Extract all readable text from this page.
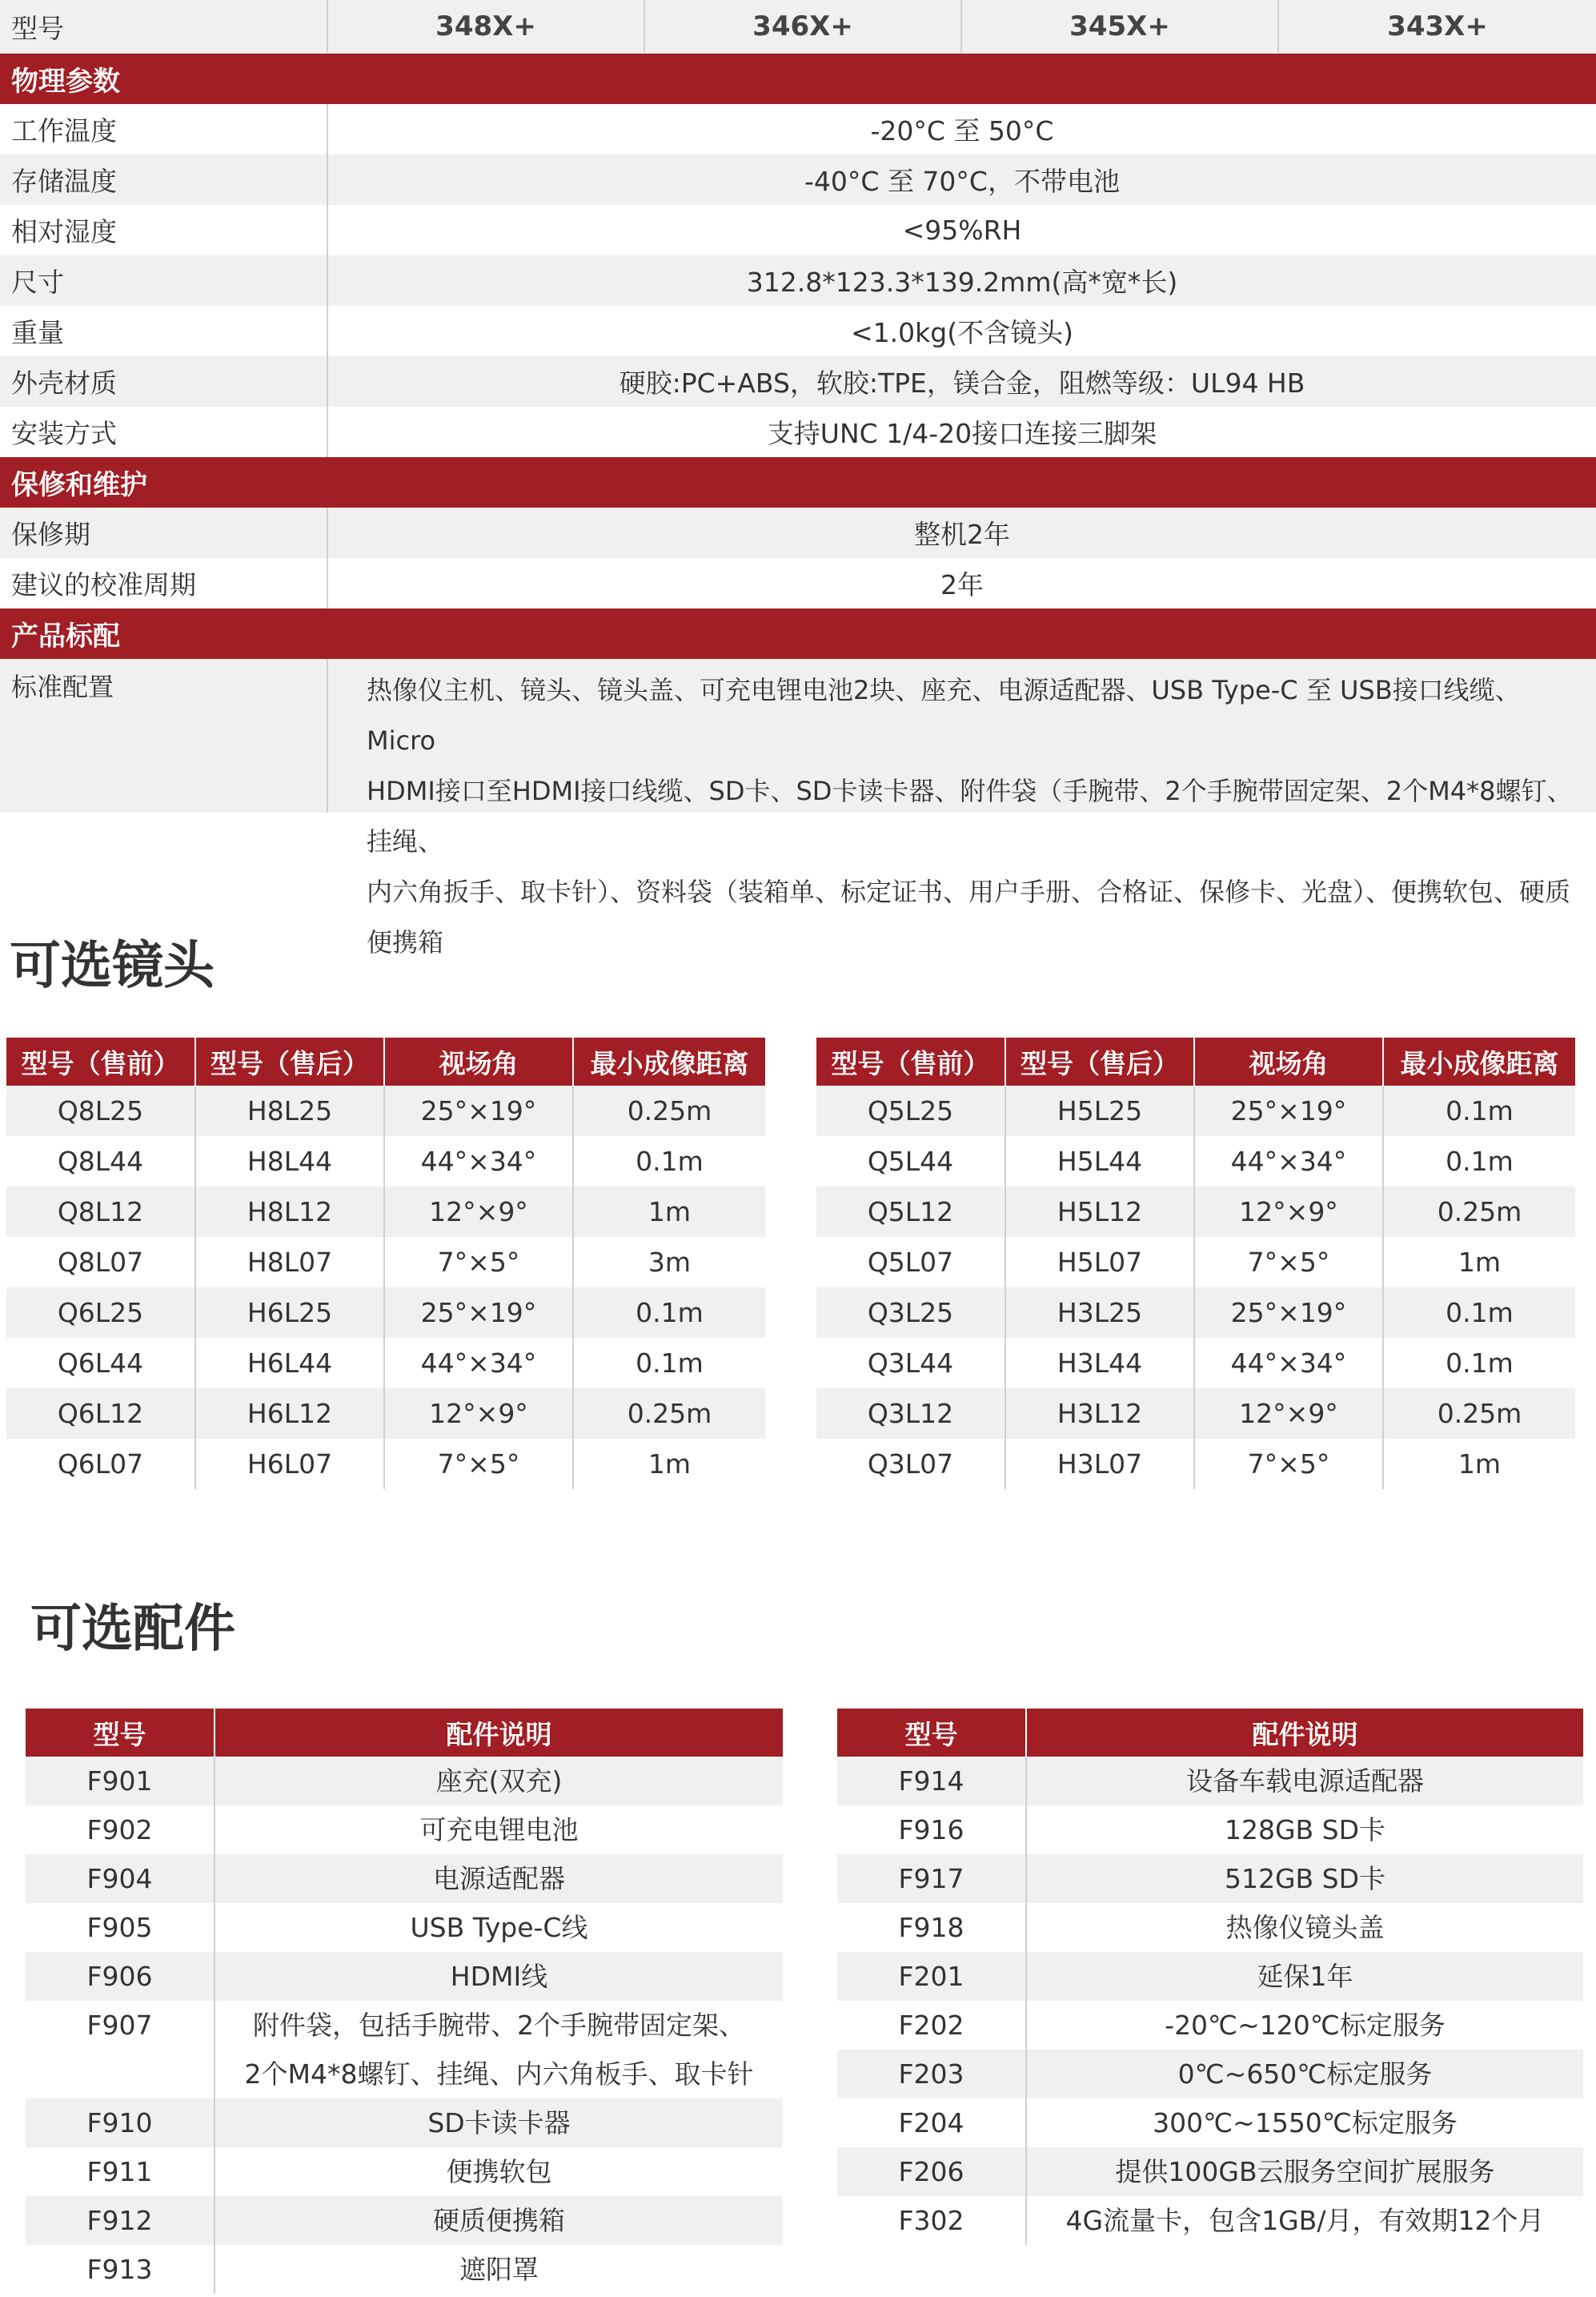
型号	348X+	346X+	345X+	343X+
物理参数
工作温度	-20°C 至 50°C
存储温度	-40°C 至 70°C，不带电池
相对湿度	<95%RH
尺寸	312.8*123.3*139.2mm(高*宽*长)
重量	<1.0kg(不含镜头)
外壳材质	硬胶:PC+ABS，软胶:TPE，镁合金，阻燃等级：UL94 HB
安装方式	支持UNC 1/4-20接口连接三脚架
保修和维护
保修期	整机2年
建议的校准周期	2年
产品标配
标准配置	热像仪主机、镜头、镜头盖、可充电锂电池2块、座充、电源适配器、USB Type-C 至 USB接口线缆、Micro
HDMI接口至HDMI接口线缆、SD卡、SD卡读卡器、附件袋（手腕带、2个手腕带固定架、2个M4*8螺钉、挂绳、
内六角扳手、取卡针）、资料袋（装箱单、标定证书、用户手册、合格证、保修卡、光盘）、便携软包、硬质便携箱
可选镜头
型号（售前）	型号（售后）	视场角	最小成像距离
Q8L25	H8L25	25°×19°	0.25m
Q8L44	H8L44	44°×34°	0.1m
Q8L12	H8L12	12°×9°	1m
Q8L07	H8L07	7°×5°	3m
Q6L25	H6L25	25°×19°	0.1m
Q6L44	H6L44	44°×34°	0.1m
Q6L12	H6L12	12°×9°	0.25m
Q6L07	H6L07	7°×5°	1m
型号（售前）	型号（售后）	视场角	最小成像距离
Q5L25	H5L25	25°×19°	0.1m
Q5L44	H5L44	44°×34°	0.1m
Q5L12	H5L12	12°×9°	0.25m
Q5L07	H5L07	7°×5°	1m
Q3L25	H3L25	25°×19°	0.1m
Q3L44	H3L44	44°×34°	0.1m
Q3L12	H3L12	12°×9°	0.25m
Q3L07	H3L07	7°×5°	1m
可选配件
型号	配件说明
F901	座充(双充)

F902	可充电锂电池

F904	电源适配器

F905	USB Type-C线

F906	HDMI线

F907	附件袋，包括手腕带、2个手腕带固定架、
2个M4*8螺钉、挂绳、内六角板手、取卡针

F910	SD卡读卡器

F911	便携软包

F912	硬质便携箱

F913	遮阳罩
型号	配件说明
F914	设备车载电源适配器

F916	128GB SD卡

F917	512GB SD卡

F918	热像仪镜头盖

F201	延保1年

F202	-20℃~120℃标定服务

F203	0℃~650℃标定服务

F204	300℃~1550℃标定服务

F206	提供100GB云服务空间扩展服务

F302	4G流量卡，包含1GB/月，有效期12个月
